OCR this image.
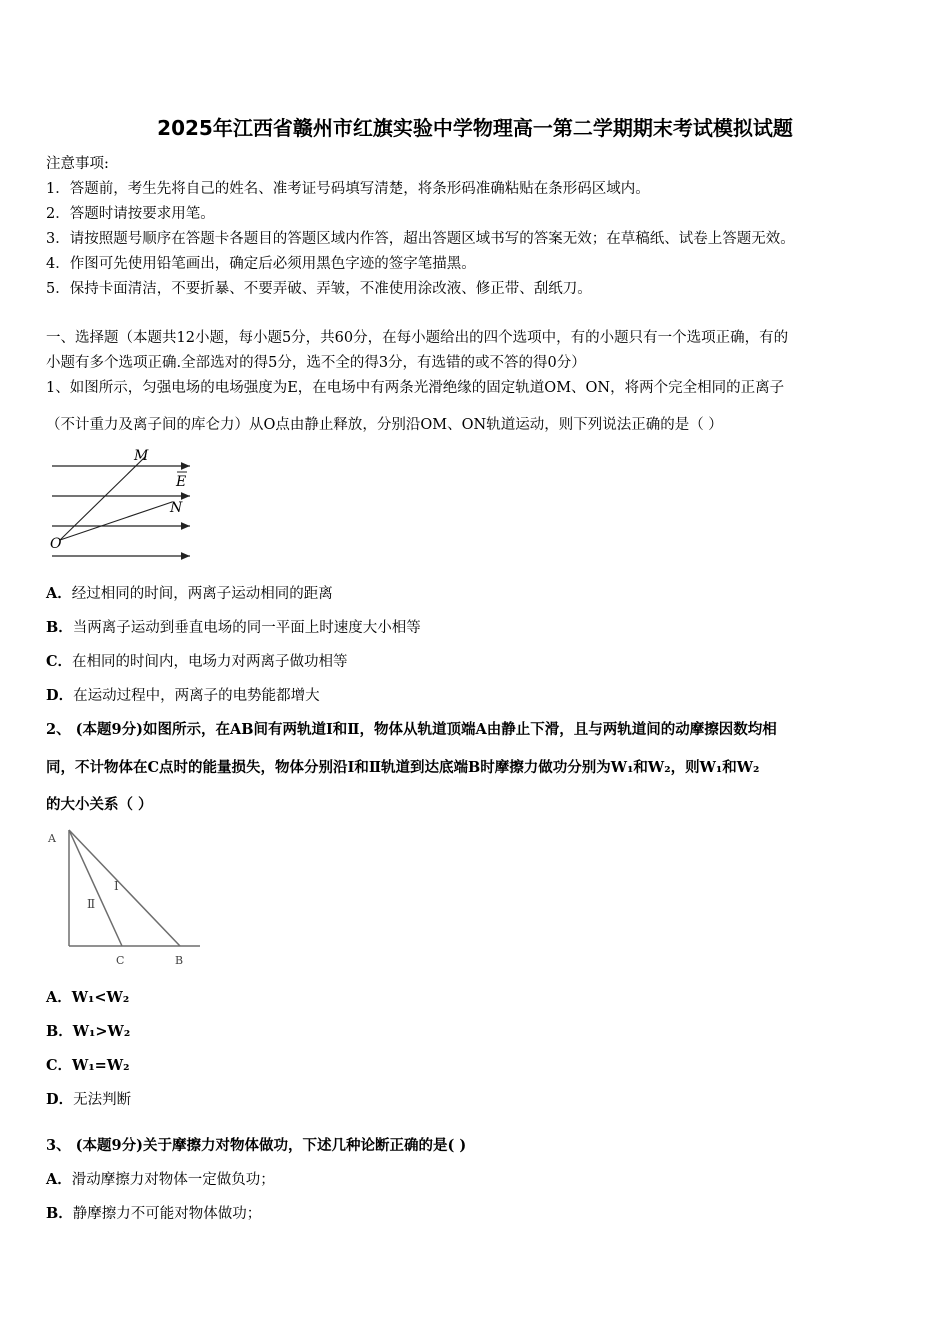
2025年江西省赣州市红旗实验中学物理高一第二学期期末考试模拟试题
注意事项:
1．答题前，考生先将自己的姓名、准考证号码填写清楚，将条形码准确粘贴在条形码区域内。
2．答题时请按要求用笔。
3．请按照题号顺序在答题卡各题目的答题区域内作答，超出答题区域书写的答案无效；在草稿纸、试卷上答题无效。
4．作图可先使用铅笔画出，确定后必须用黑色字迹的签字笔描黑。
5．保持卡面清洁，不要折暴、不要弄破、弄皱，不准使用涂改液、修正带、刮纸刀。
一、选择题（本题共12小题，每小题5分，共60分，在每小题给出的四个选项中，有的小题只有一个选项正确，有的
小题有多个选项正确.全部选对的得5分，选不全的得3分，有选错的或不答的得0分）
1、如图所示，匀强电场的电场强度为E，在电场中有两条光滑绝缘的固定轨道OM、ON，将两个完全相同的正离子
（不计重力及离子间的库仑力）从O点由静止释放，分别沿OM、ON轨道运动，则下列说法正确的是（ ）
M
E
N
O
A．经过相同的时间，两离子运动相同的距离
B．当两离子运动到垂直电场的同一平面上时速度大小相等
C．在相同的时间内，电场力对两离子做功相等
D．在运动过程中，两离子的电势能都增大
2、 (本题9分)如图所示，在AB间有两轨道Ⅰ和Ⅱ，物体从轨道顶端A由静止下滑，且与两轨道间的动摩擦因数均相
同，不计物体在C点时的能量损失，物体分别沿Ⅰ和Ⅱ轨道到达底端B时摩擦力做功分别为W₁和W₂，则W₁和W₂
的大小关系（ ）
A
Ⅰ
Ⅱ
C	B
A．W₁<W₂
B．W₁>W₂
C．W₁=W₂
D．无法判断
3、 (本题9分)关于摩擦力对物体做功，下述几种论断正确的是( )
A．滑动摩擦力对物体一定做负功；
B．静摩擦力不可能对物体做功；
